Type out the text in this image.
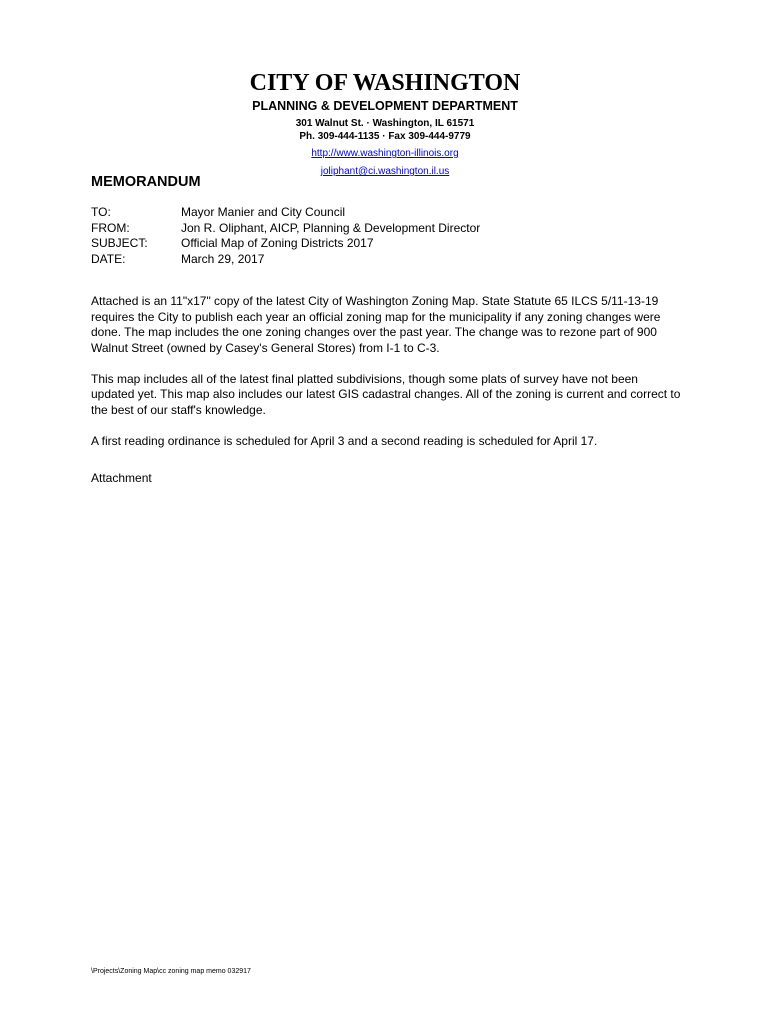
CITY OF WASHINGTON
PLANNING & DEVELOPMENT DEPARTMENT
301 Walnut St. · Washington, IL 61571
Ph. 309-444-1135 · Fax 309-444-9779
http://www.washington-illinois.org
joliphant@ci.washington.il.us
MEMORANDUM
TO:	Mayor Manier and City Council
FROM:	Jon R. Oliphant, AICP, Planning & Development Director
SUBJECT:	Official Map of Zoning Districts 2017
DATE:	March 29, 2017

Attached is an 11"x17" copy of the latest City of Washington Zoning Map. State Statute 65 ILCS 5/11-13-19 requires the City to publish each year an official zoning map for the municipality if any zoning changes were done. The map includes the one zoning changes over the past year. The change was to rezone part of 900 Walnut Street (owned by Casey's General Stores) from I-1 to C-3.

This map includes all of the latest final platted subdivisions, though some plats of survey have not been updated yet. This map also includes our latest GIS cadastral changes. All of the zoning is current and correct to the best of our staff's knowledge.

A first reading ordinance is scheduled for April 3 and a second reading is scheduled for April 17.

Attachment

\Projects\Zoning Map\cc zoning map memo 032917
